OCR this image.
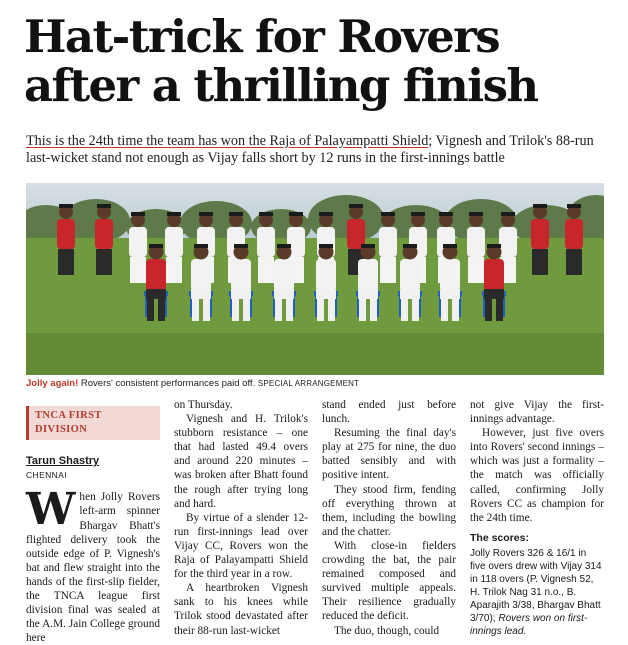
Hat-trick for Rovers
after a thrilling finish

This is the 24th time the team has won the Raja of Palayampatti Shield; Vignesh and Trilok's 88-run last-wicket stand not enough as Vijay falls short by 12 runs in the first-innings battle

Jolly again! Rovers' consistent performances paid off. SPECIAL ARRANGEMENT
TNCA FIRST DIVISION
Tarun Shastry
CHENNAI

When Jolly Rovers left-arm spinner Bhargav Bhatt's flighted delivery took the outside edge of P. Vignesh's bat and flew straight into the hands of the first-slip fielder, the TNCA league first division final was sealed at the A.M. Jain College ground here

on Thursday.

Vignesh and H. Trilok's stubborn resistance – one that had lasted 49.4 overs and around 220 minutes – was broken after Bhatt found the rough after trying long and hard.

By virtue of a slender 12-run first-innings lead over Vijay CC, Rovers won the Raja of Palayampatti Shield for the third year in a row.

A heartbroken Vignesh sank to his knees while Trilok stood devastated after their 88-run last-wicket

stand ended just before lunch.

Resuming the final day's play at 275 for nine, the duo batted sensibly and with positive intent.

They stood firm, fending off everything thrown at them, including the bowling and the chatter.

With close-in fielders crowding the bat, the pair remained composed and survived multiple appeals. Their resilience gradually reduced the deficit.

The duo, though, could

not give Vijay the first-innings advantage.

However, just five overs into Rovers' second innings – which was just a formality – the match was officially called, confirming Jolly Rovers CC as champion for the 24th time.

The scores:
Jolly Rovers 326 & 16/1 in five overs drew with Vijay 314 in 118 overs (P. Vignesh 52, H. Trilok Nag 31 n.o., B. Aparajith 3/38, Bhargav Bhatt 3/70); Rovers won on first-innings lead.
